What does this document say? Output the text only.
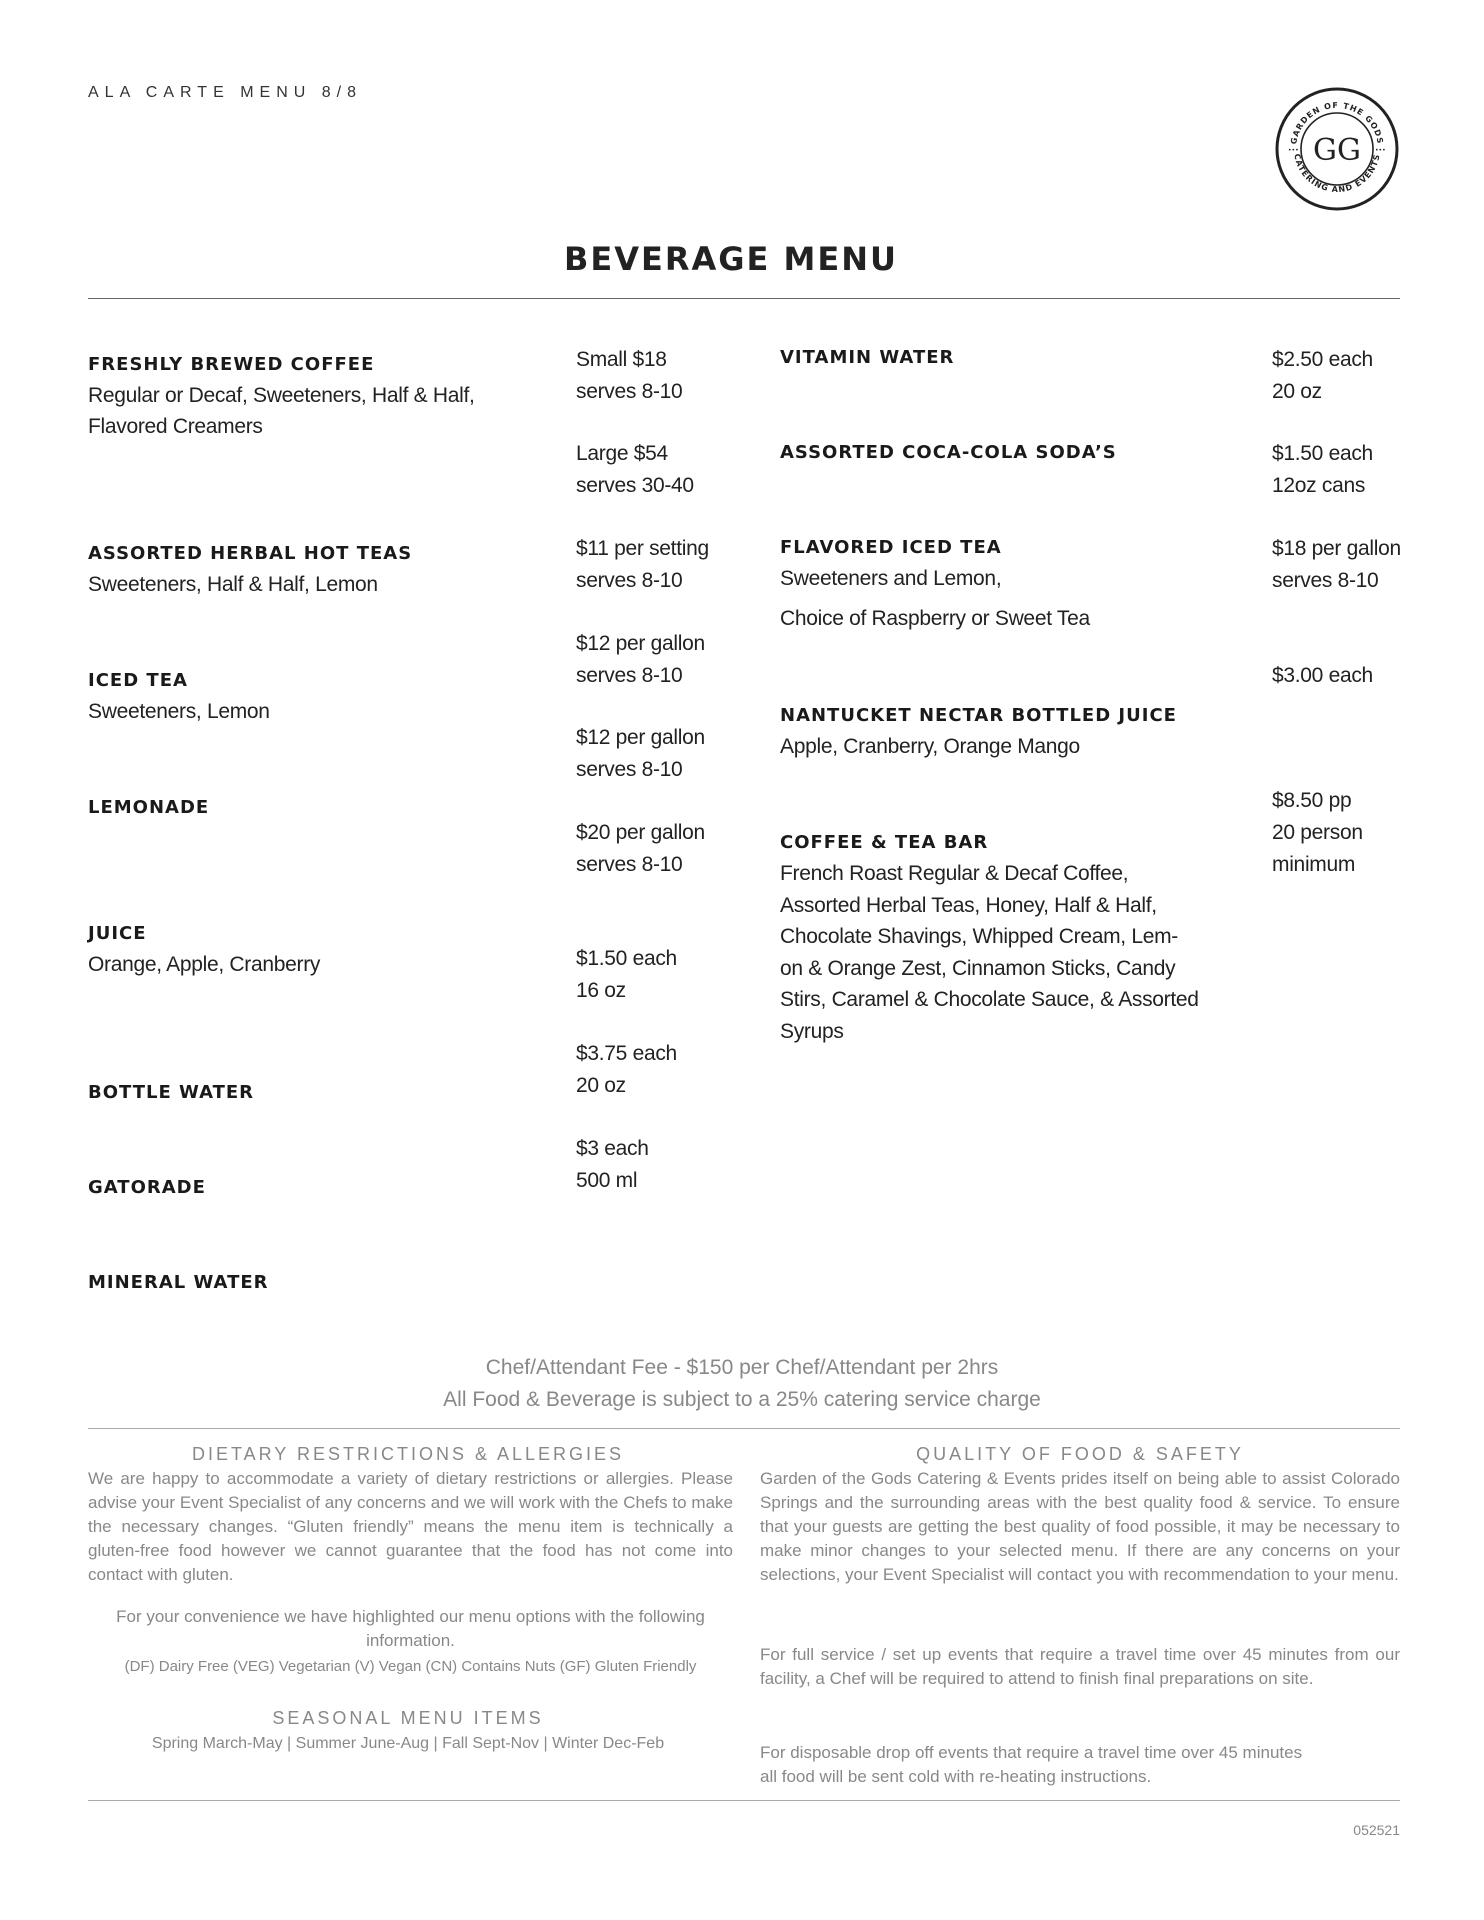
ALA CARTE MENU 8/8
GARDEN OF THE GODS
CATERING AND EVENTS
GG
•••	•••
BEVERAGE MENU
FRESHLY BREWED COFFEE
Regular or Decaf, Sweeteners, Half & Half,
Flavored Creamers
ASSORTED HERBAL HOT TEAS
Sweeteners, Half & Half, Lemon
ICED TEA
Sweeteners, Lemon
LEMONADE
JUICE
Orange, Apple, Cranberry
BOTTLE WATER
GATORADE
MINERAL WATER
Small $18
serves 8-10
Large $54
serves 30-40
$11 per setting
serves 8-10
$12 per gallon
serves 8-10
$12 per gallon
serves 8-10
$20 per gallon
serves 8-10
$1.50 each
16 oz
$3.75 each
20 oz
$3 each
500 ml
VITAMIN WATER
ASSORTED COCA-COLA SODA’S
FLAVORED ICED TEA
Sweeteners and Lemon,
Choice of Raspberry or Sweet Tea
NANTUCKET NECTAR BOTTLED JUICE
Apple, Cranberry, Orange Mango
COFFEE & TEA BAR
French Roast Regular & Decaf Coffee,
Assorted Herbal Teas, Honey, Half & Half,
Chocolate Shavings, Whipped Cream, Lem-
on & Orange Zest, Cinnamon Sticks, Candy
Stirs, Caramel & Chocolate Sauce, & Assorted
Syrups
$2.50 each
20 oz
$1.50 each
12oz cans
$18 per gallon
serves 8-10
$3.00 each
$8.50 pp
20 person
minimum
Chef/Attendant Fee - $150 per Chef/Attendant per 2hrs
All Food & Beverage is subject to a 25% catering service charge
DIETARY RESTRICTIONS & ALLERGIES
We are happy to accommodate a variety of dietary restrictions or allergies. Please advise your Event Specialist of any concerns and we will work with the Chefs to make the necessary changes. “Gluten friendly” means the menu item is technically a gluten-free food however we cannot guarantee that the food has not come into contact with gluten.
For your convenience we have highlighted our menu options with the following information.
(DF) Dairy Free (VEG) Vegetarian (V) Vegan (CN) Contains Nuts (GF) Gluten Friendly
SEASONAL MENU ITEMS
Spring March-May | Summer June-Aug | Fall Sept-Nov | Winter Dec-Feb
QUALITY OF FOOD & SAFETY
Garden of the Gods Catering & Events prides itself on being able to assist Colorado Springs and the surrounding areas with the best quality food & service. To ensure that your guests are getting the best quality of food possible, it may be necessary to make minor changes to your selected menu. If there are any concerns on your selections, your Event Specialist will contact you with recommendation to your menu.
For full service / set up events that require a travel time over 45 minutes from our facility, a Chef will be required to attend to finish final preparations on site.
For disposable drop off events that require a travel time over 45 minutes all food will be sent cold with re-heating instructions.
052521
